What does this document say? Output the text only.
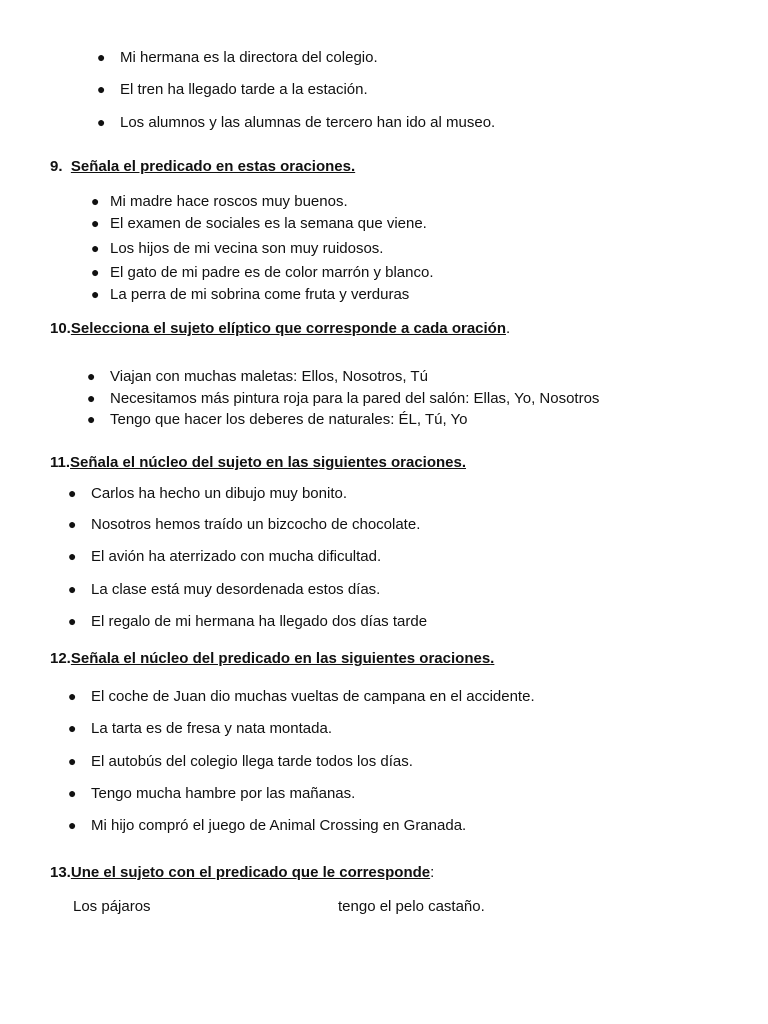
● Mi hermana es la directora del colegio.
● El tren ha llegado tarde a la estación.
● Los alumnos y las alumnas de tercero han ido al museo.
9. Señala el predicado en estas oraciones.
● Mi madre hace roscos muy buenos.
● El examen de sociales es la semana que viene.
● Los hijos de mi vecina son muy ruidosos.
● El gato de mi padre es de color marrón y blanco.
● La perra de mi sobrina come fruta y verduras
10.Selecciona el sujeto elíptico que corresponde a cada oración.
● Viajan con muchas maletas: Ellos, Nosotros, Tú
● Necesitamos más pintura roja para la pared del salón: Ellas, Yo, Nosotros
● Tengo que hacer los deberes de naturales: ÉL, Tú, Yo
11.Señala el núcleo del sujeto en las siguientes oraciones.
● Carlos ha hecho un dibujo muy bonito.
● Nosotros hemos traído un bizcocho de chocolate.
● El avión ha aterrizado con mucha dificultad.
● La clase está muy desordenada estos días.
● El regalo de mi hermana ha llegado dos días tarde
12.Señala el núcleo del predicado en las siguientes oraciones.
● El coche de Juan dio muchas vueltas de campana en el accidente.
● La tarta es de fresa y nata montada.
● El autobús del colegio llega tarde todos los días.
● Tengo mucha hambre por las mañanas.
● Mi hijo compró el juego de Animal Crossing en Granada.
13.Une el sujeto con el predicado que le corresponde:
Los pájaros	tengo el pelo castaño.
